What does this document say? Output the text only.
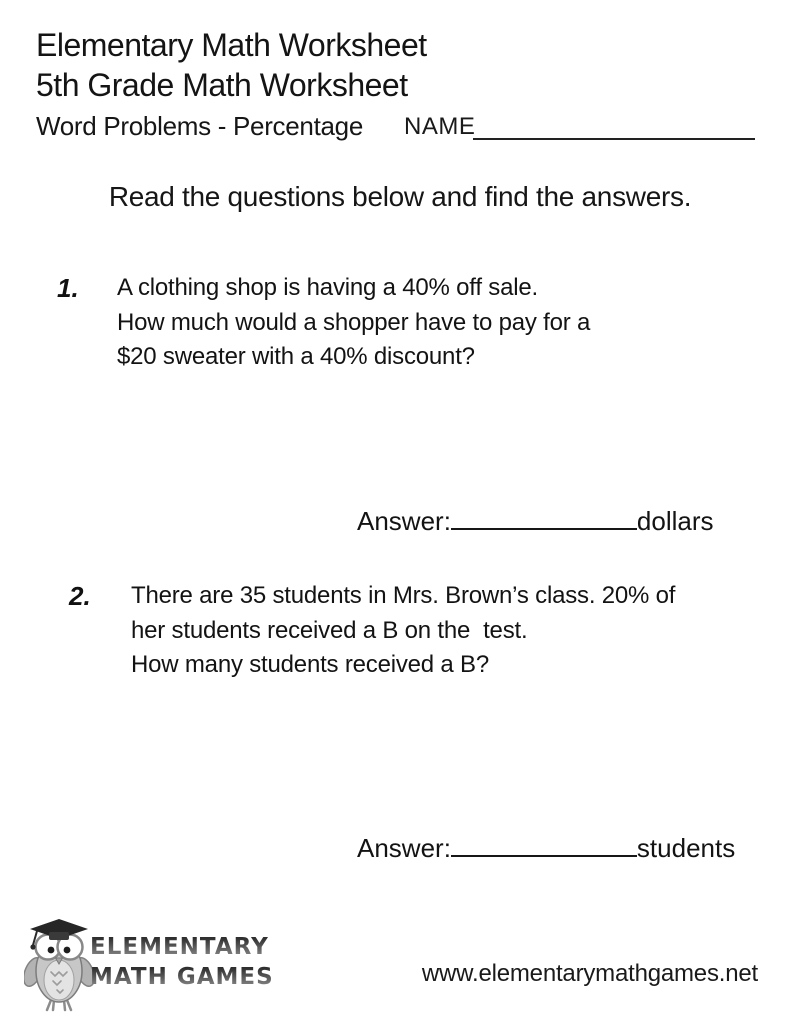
Elementary Math Worksheet
5th Grade Math Worksheet
Word Problems - Percentage NAME
Read the questions below and find the answers.
1. A clothing shop is having a 40% off sale.
How much would a shopper have to pay for a
$20 sweater with a 40% discount?
Answer:	dollars
2. There are 35 students in Mrs. Brown’s class. 20% of
her students received a B on the  test.
How many students received a B?
Answer:	students
ELEMENTARY
MATH GAMES	www.elementarymathgames.net
